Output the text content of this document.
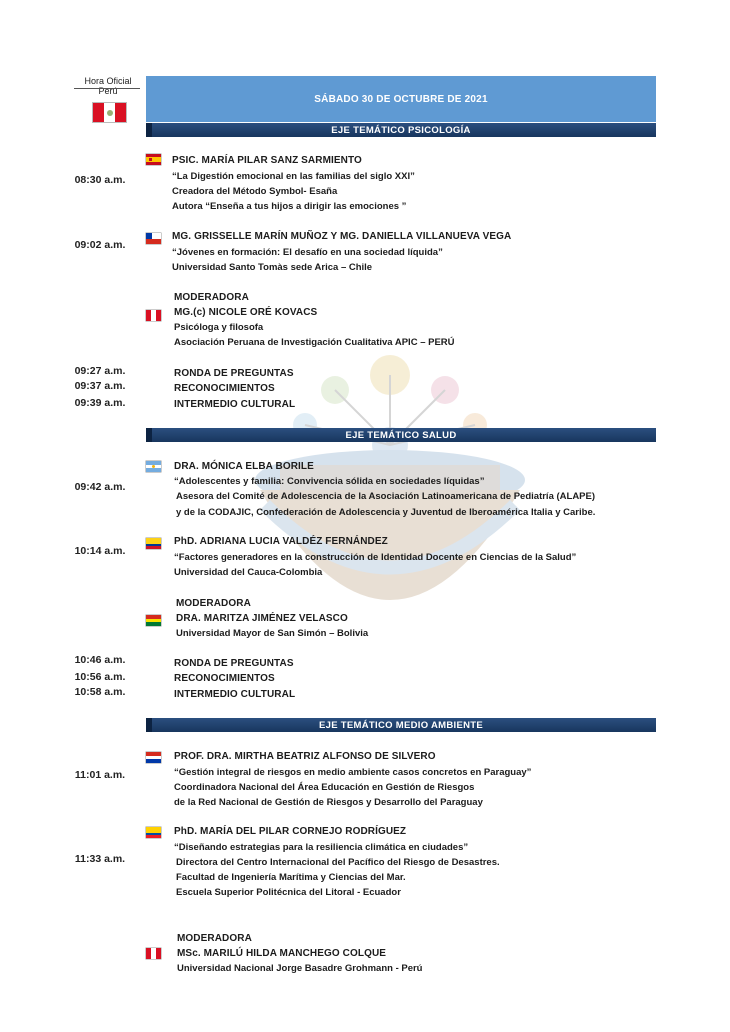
Hora Oficial
Perú
SÁBADO 30 DE OCTUBRE DE 2021
EJE TEMÁTICO PSICOLOGÍA
08:30 a.m.
PSIC. MARÍA PILAR SANZ SARMIENTO
“La Digestión emocional en las familias del siglo XXI”
Creadora del Método Symbol- Esaña
Autora “Enseña a tus hijos a dirigir las emociones ”
09:02 a.m.
MG. GRISSELLE MARÍN MUÑOZ Y MG. DANIELLA VILLANUEVA VEGA
“Jóvenes en formación: El desafío en una sociedad líquida”
Universidad Santo Tomàs sede Arica – Chile
MODERADORA
MG.(c) NICOLE ORÉ KOVACS
Psicóloga y filosofa
Asociación Peruana de Investigación Cualitativa APIC – PERÚ
09:27 a.m.
09:37 a.m.
09:39 a.m.
RONDA DE PREGUNTAS
RECONOCIMIENTOS
INTERMEDIO CULTURAL
EJE TEMÁTICO SALUD
09:42 a.m.
DRA. MÓNICA ELBA BORILE
“Adolescentes y familia: Convivencia sólida en sociedades líquidas”
Asesora del Comité de Adolescencia de la Asociación Latinoamericana de Pediatría (ALAPE)
y de la CODAJIC, Confederación de Adolescencia y Juventud de Iberoamérica Italia y Caribe.
10:14 a.m.
PhD. ADRIANA LUCIA VALDÉZ FERNÁNDEZ
“Factores generadores en la construcción de Identidad Docente en Ciencias de la Salud”
Universidad del Cauca-Colombia
MODERADORA
DRA. MARITZA JIMÉNEZ VELASCO
Universidad Mayor de San Simón – Bolivia
10:46 a.m.
10:56 a.m.
10:58 a.m.
RONDA DE PREGUNTAS
RECONOCIMIENTOS
INTERMEDIO CULTURAL
EJE TEMÁTICO MEDIO AMBIENTE
11:01 a.m.
PROF. DRA. MIRTHA BEATRIZ ALFONSO DE SILVERO
“Gestión integral de riesgos en medio ambiente casos concretos en Paraguay”
Coordinadora Nacional del Área Educación en Gestión de Riesgos
de la Red Nacional de Gestión de Riesgos y Desarrollo del Paraguay
11:33 a.m.
PhD. MARÍA DEL PILAR CORNEJO RODRÍGUEZ
“Diseñando estrategias para la resiliencia climática en ciudades”
Directora del Centro Internacional del Pacífico del Riesgo de Desastres.
Facultad de Ingeniería Marítima y Ciencias del Mar.
Escuela Superior Politécnica del Litoral - Ecuador
MODERADORA
MSc. MARILÚ HILDA MANCHEGO COLQUE
Universidad Nacional Jorge Basadre Grohmann - Perú
